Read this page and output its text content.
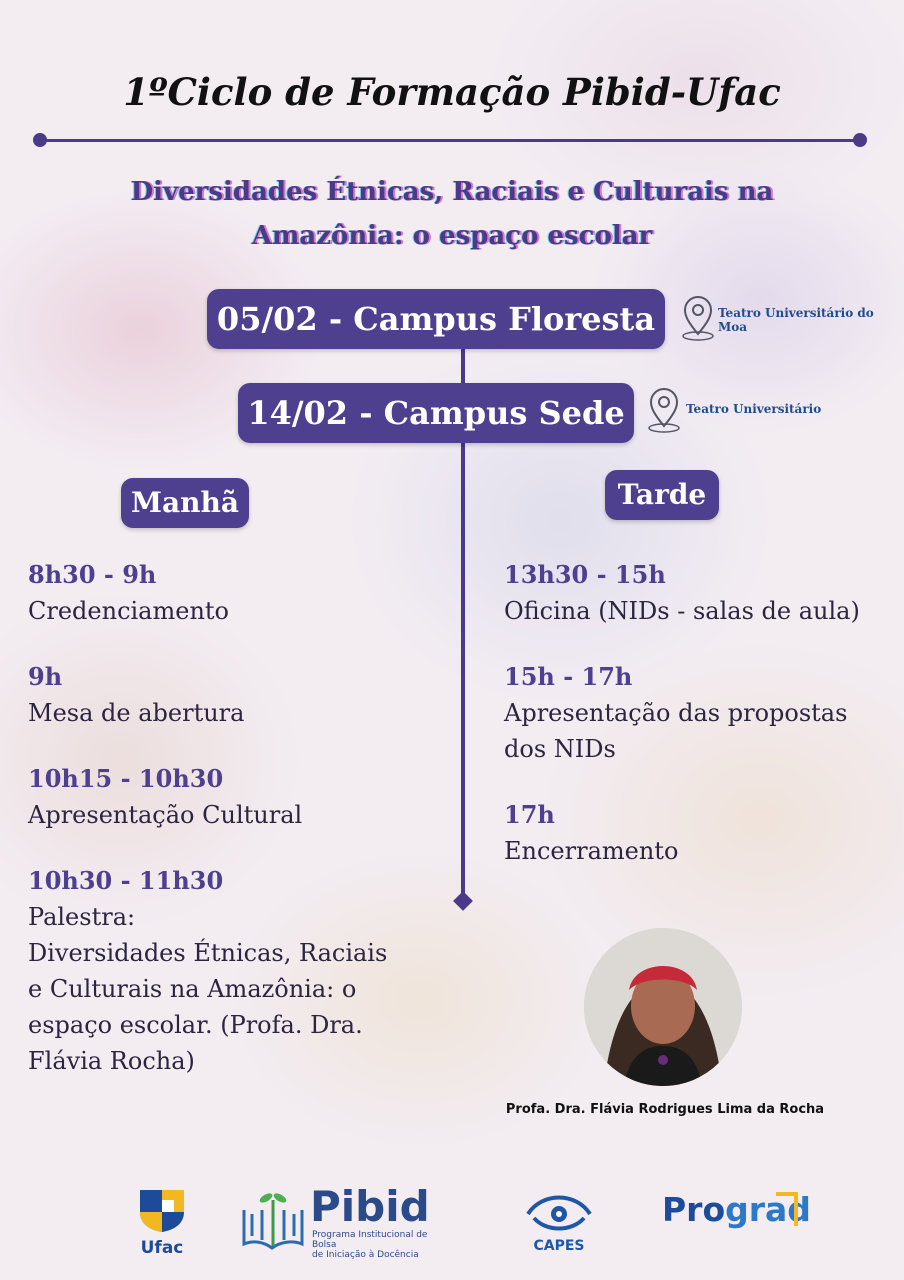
1ºCiclo de Formação Pibid-Ufac
Diversidades Étnicas, Raciais e Culturais na
Amazônia: o espaço escolar
05/02 - Campus Floresta	Teatro Universitário do Moa
14/02 - Campus Sede	Teatro Universitário
Manhã	Tarde
8h30 - 9h
Credenciamento
9h
Mesa de abertura
10h15 - 10h30
Apresentação Cultural
10h30 - 11h30
Palestra:
Diversidades Étnicas, Raciais
e Culturais na Amazônia: o
espaço escolar. (Profa. Dra.
Flávia Rocha)
13h30 - 15h
Oficina (NIDs - salas de aula)
15h - 17h
Apresentação das propostas
dos NIDs
17h
Encerramento
Profa. Dra. Flávia Rodrigues Lima da Rocha
Ufac
Pibid
Programa Institucional de Bolsa
de Iniciação à Docência
CAPES
Prograd
